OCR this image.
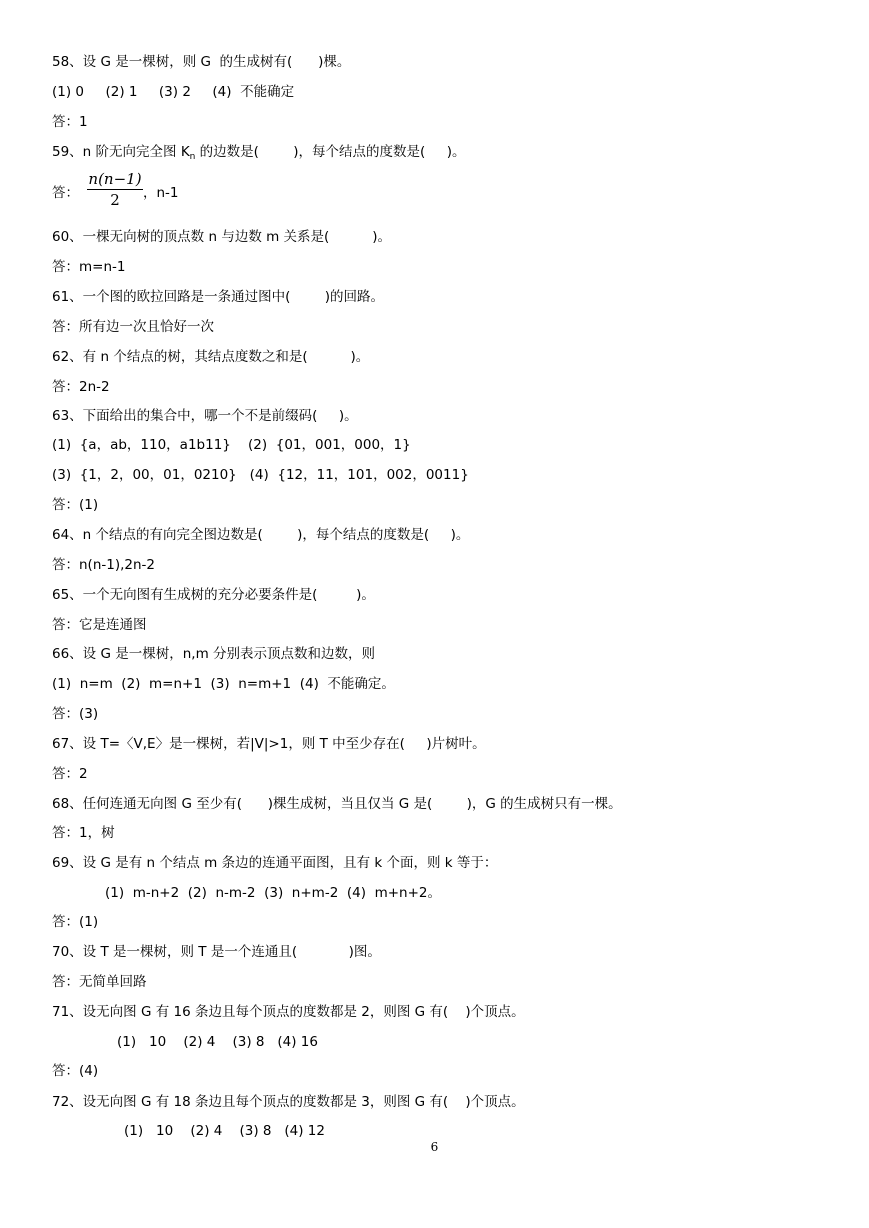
58、设 G 是一棵树，则 G  的生成树有(      )棵。
(1) 0     (2) 1     (3) 2     (4)  不能确定
答：1
59、n 阶无向完全图 $K_n$ 的边数是(        )，每个结点的度数是(     )。
答：
n(n−1)
2	，n-1
60、一棵无向树的顶点数 n 与边数 m 关系是(          )。
答：m=n-1
61、一个图的欧拉回路是一条通过图中(        )的回路。
答：所有边一次且恰好一次
62、有 n 个结点的树，其结点度数之和是(          )。
答：2n-2
63、下面给出的集合中，哪一个不是前缀码(     )。
(1)  {a，ab，110，a1b11}    (2)  {01，001，000，1}
(3)  {1，2，00，01，0210}   (4)  {12，11，101，002，0011}
答：(1)
64、n 个结点的有向完全图边数是(        )，每个结点的度数是(     )。
答：n(n-1),2n-2
65、一个无向图有生成树的充分必要条件是(         )。
答：它是连通图
66、设 G 是一棵树，n,m 分别表示顶点数和边数，则
(1)  n=m  (2)  m=n+1  (3)  n=m+1  (4)  不能确定。
答：(3)
67、设 T=〈V,E〉是一棵树，若|V|>1，则 T 中至少存在(     )片树叶。
答：2
68、任何连通无向图 G 至少有(      )棵生成树，当且仅当 G 是(        )，G 的生成树只有一棵。
答：1，树
69、设 G 是有 n 个结点 m 条边的连通平面图，且有 k 个面，则 k 等于：
(1)  m-n+2  (2)  n-m-2  (3)  n+m-2  (4)  m+n+2。
答：(1)
70、设 T 是一棵树，则 T 是一个连通且(            )图。
答：无简单回路
71、设无向图 G 有 16 条边且每个顶点的度数都是 2，则图 G 有(    )个顶点。
(1)   10    (2) 4    (3) 8   (4) 16
答：(4)
72、设无向图 G 有 18 条边且每个顶点的度数都是 3，则图 G 有(    )个顶点。
(1)   10    (2) 4    (3) 8   (4) 12
6
